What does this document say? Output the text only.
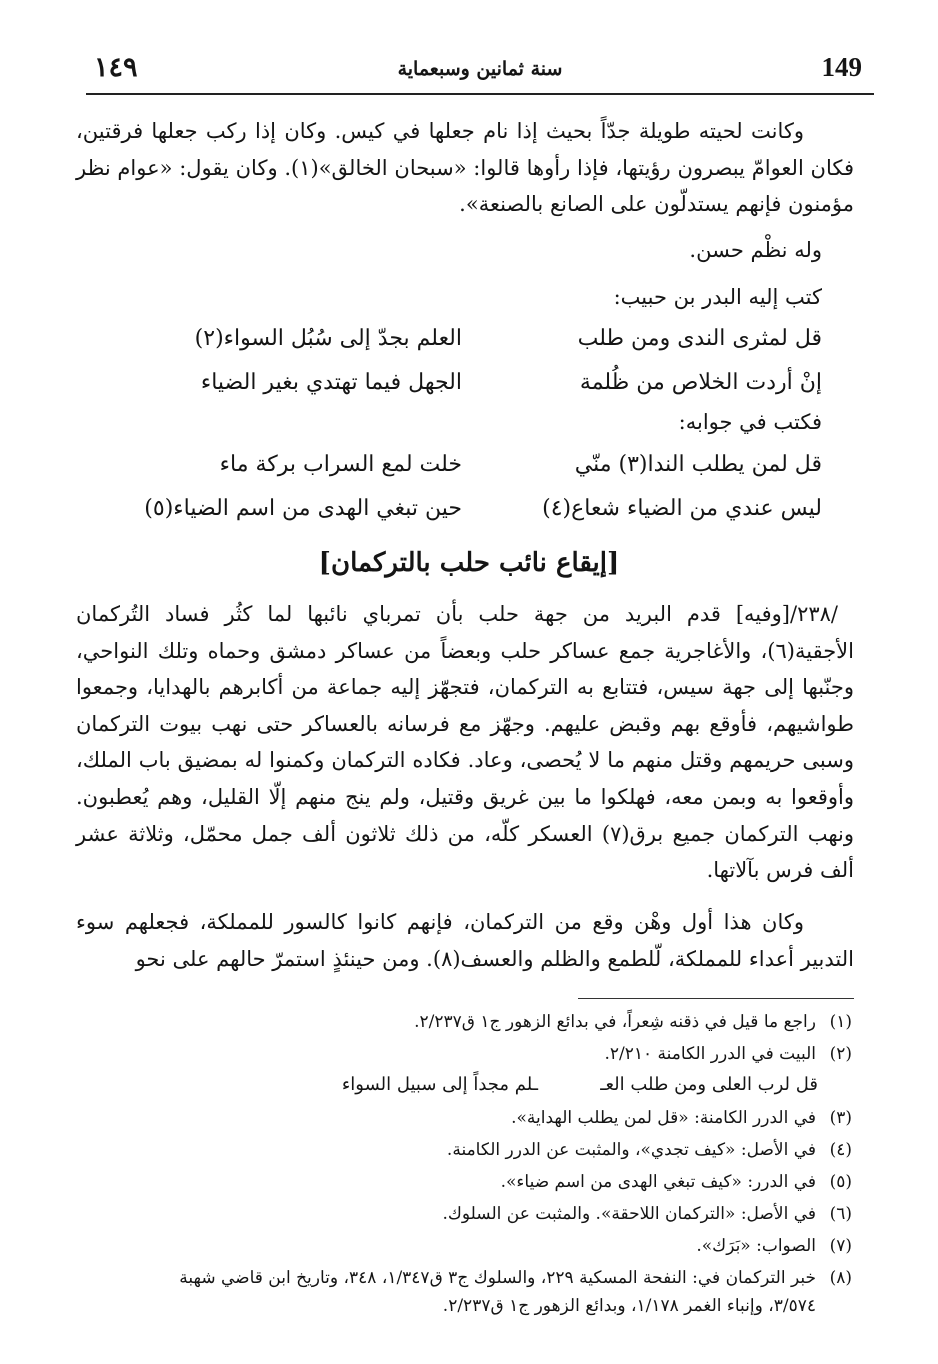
١٤٩	سنة ثمانين وسبعماية	149

وكانت لحيته طويلة جدّاً بحيث إذا نام جعلها في كيس. وكان إذا ركب جعلها فرقتين، فكان العوامّ يبصرون رؤيتها، فإذا رأوها قالوا: «سبحان الخالق»(١). وكان يقول: «عوام نظر مؤمنون فإنهم يستدلّون على الصانع بالصنعة».

وله نظْم حسن.

كتب إليه البدر بن حبيب:

قل لمثرى الندى ومن طلب
العلم بجدّ إلى سُبُل السواء(٢)
إنْ أردت الخلاص من ظُلمة
الجهل فيما تهتدي بغير الضياء

فكتب في جوابه:

قل لمن يطلب الندا(٣) منّي
خلت لمع السراب بركة ماء
ليس عندي من الضياء شعاع(٤)
حين تبغي الهدى من اسم الضياء(٥)
[إيقاع نائب حلب بالتركمان]

/٢٣٨/[وفيه] قدم البريد من جهة حلب بأن تمرباي نائبها لما كثُر فساد التُركمان الأجقية(٦)، والأغاجرية جمع عساكر حلب وبعضاً من عساكر دمشق وحماه وتلك النواحي، وجنّبها إلى جهة سيس، فتتابع به التركمان، فتجهّز إليه جماعة من أكابرهم بالهدايا، وجمعوا طواشيهم، فأوقع بهم وقبض عليهم. وجهّز مع فرسانه بالعساكر حتى نهب بيوت التركمان وسبى حريمهم وقتل منهم ما لا يُحصى، وعاد. فكاده التركمان وكمنوا له بمضيق باب الملك، وأوقعوا به وبمن معه، فهلكوا ما بين غريق وقتيل، ولم ينج منهم إلّا القليل، وهم يُعطبون. ونهب التركمان جميع برق(٧) العسكر كلّه، من ذلك ثلاثون ألف جمل محمّل، وثلاثة عشر ألف فرس بآلاتها.

وكان هذا أول وهْن وقع من التركمان، فإنهم كانوا كالسور للمملكة، فجعلهم سوء التدبير أعداء للمملكة، لّلطمع والظلم والعسف(٨). ومن حينئذٍ استمرّ حالهم على نحو

(١)راجع ما قيل في ذقنه شِعراً، في بدائع الزهور ج١ ق٢/٢٣٧.

(٢)البيت في الدرر الكامنة ٢/٢١٠.

قل لرب العلى ومن طلب العـ
ـلم مجداً إلى سبيل السواء

(٣)في الدرر الكامنة: «قل لمن يطلب الهداية».

(٤)في الأصل: «كيف تجدي»، والمثبت عن الدرر الكامنة.

(٥)في الدرر: «كيف تبغي الهدى من اسم ضياء».

(٦)في الأصل: «التركمان اللاحقة». والمثبت عن السلوك.

(٧)الصواب: «بَرَك».

(٨)خبر التركمان في: النفحة المسكية ٢٢٩، والسلوك ج٣ ق١/٣٤٧، ٣٤٨، وتاريخ ابن قاضي شهبة

٣/٥٧٤، وإنباء الغمر ١/١٧٨، وبدائع الزهور ج١ ق٢/٢٣٧.
